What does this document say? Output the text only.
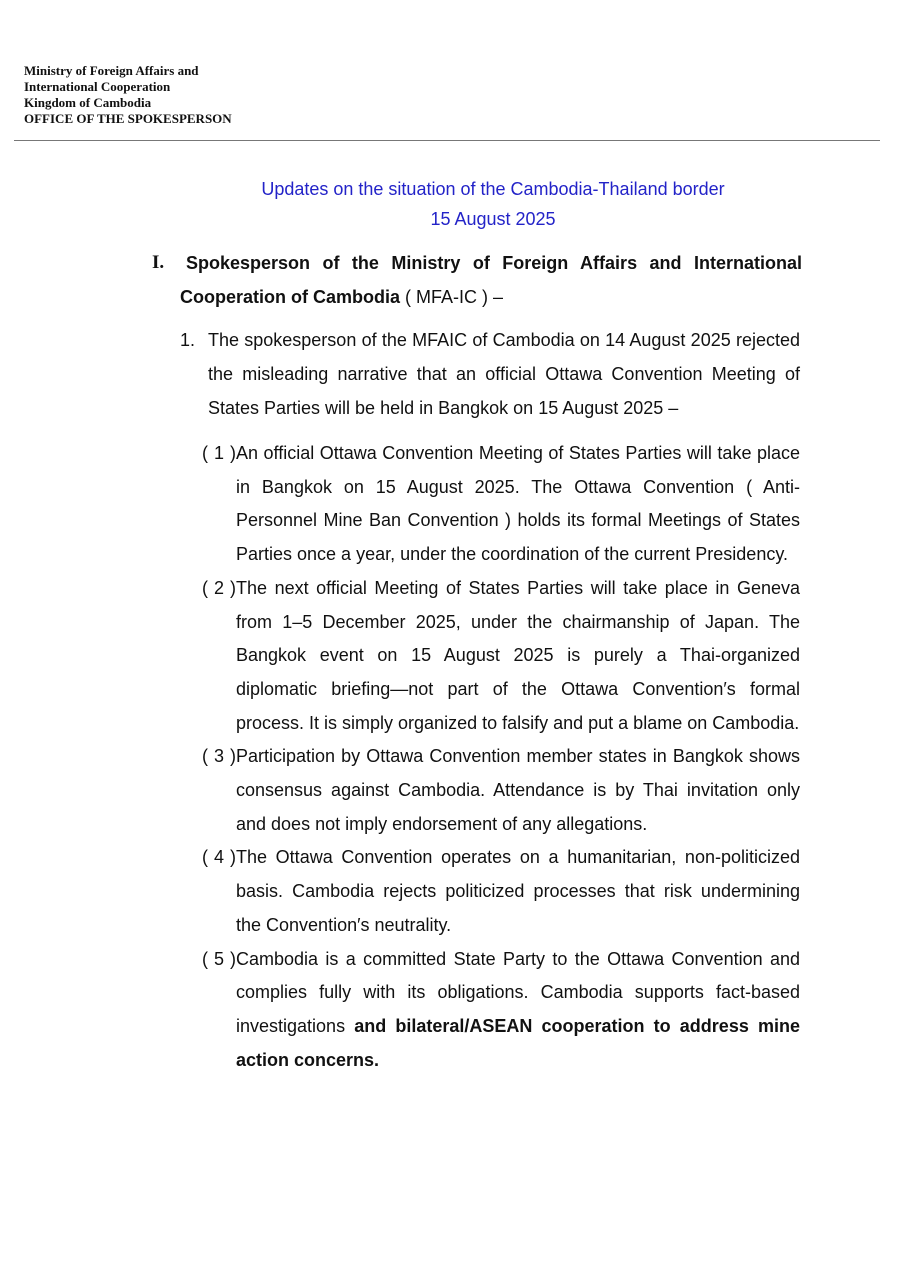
Ministry of Foreign Affairs and
International Cooperation
Kingdom of Cambodia
OFFICE OF THE SPOKESPERSON
Updates on the situation of the Cambodia-Thailand border
15 August 2025
I.	Spokesperson of the Ministry of Foreign Affairs and International Cooperation of Cambodia ( MFA-IC ) –
1. The spokesperson of the MFAIC of Cambodia on 14 August 2025 rejected the misleading narrative that an official Ottawa Convention Meeting of States Parties will be held in Bangkok on 15 August 2025 –
( 1 ) An official Ottawa Convention Meeting of States Parties will take place in Bangkok on 15 August 2025. The Ottawa Convention ( Anti-Personnel Mine Ban Convention ) holds its formal Meetings of States Parties once a year, under the coordination of the current Presidency.
( 2 ) The next official Meeting of States Parties will take place in Geneva from 1–5 December 2025, under the chairmanship of Japan. The Bangkok event on 15 August 2025 is purely a Thai-organized diplomatic briefing—not part of the Ottawa Convention′s formal process. It is simply organized to falsify and put a blame on Cambodia.
( 3 ) Participation by Ottawa Convention member states in Bangkok shows consensus against Cambodia. Attendance is by Thai invitation only and does not imply endorsement of any allegations.
( 4 ) The Ottawa Convention operates on a humanitarian, non-politicized basis. Cambodia rejects politicized processes that risk undermining the Convention′s neutrality.
( 5 ) Cambodia is a committed State Party to the Ottawa Convention and complies fully with its obligations. Cambodia supports fact-based investigations and bilateral/ASEAN cooperation to address mine action concerns.
